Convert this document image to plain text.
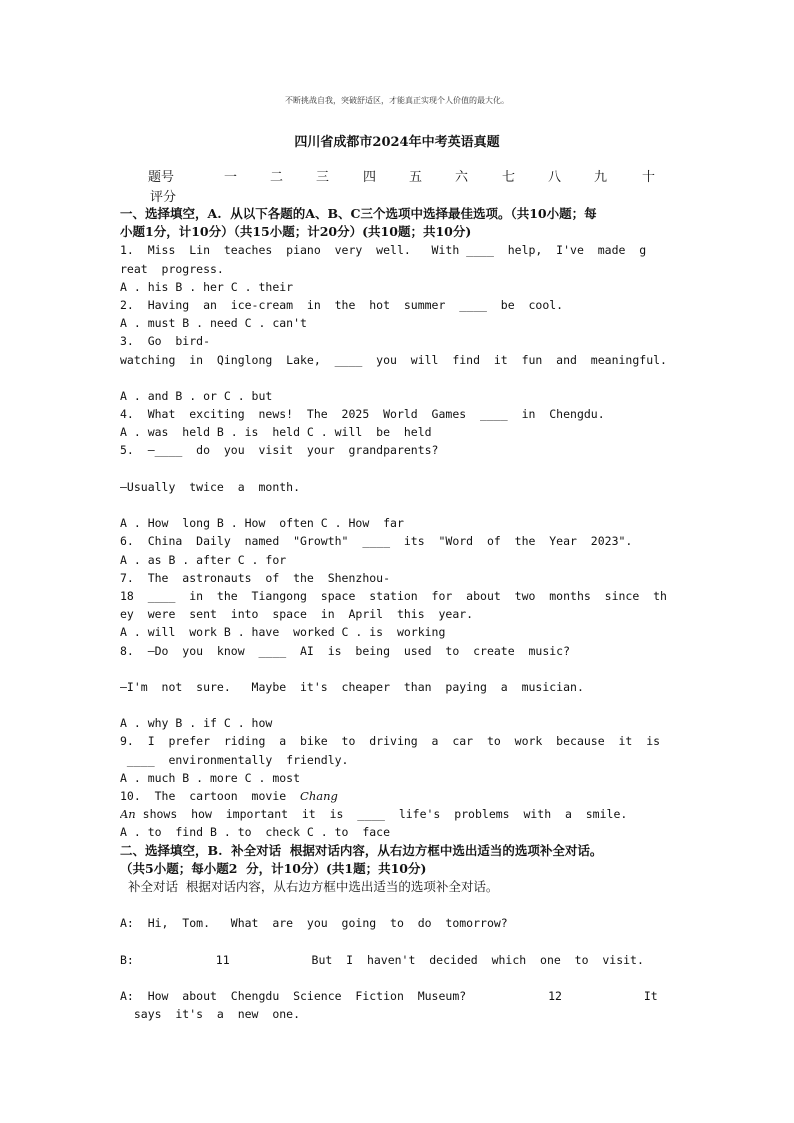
不断挑战自我，突破舒适区，才能真正实现个人价值的最大化。
四川省成都市2024年中考英语真题
题号	一	二	三	四	五	六	七	八	九	十
评分
一、选择填空，A.  从以下各题的A、B、C三个选项中选择最佳选项。（共10小题；每
小题1分，计10分）（共15小题；计20分）(共10题；共10分)
1.  Miss  Lin  teaches  piano  very  well.   With ____  help,  I've  made  g
reat  progress.
A . his B . her C . their
2.  Having  an  ice-cream  in  the  hot  summer  ____  be  cool.
A . must B . need C . can't
3.  Go  bird-
watching  in  Qinglong  Lake,  ____  you  will  find  it  fun  and  meaningful.
A . and B . or C . but
4.  What  exciting  news!  The  2025  World  Games  ____  in  Chengdu.
A . was  held B . is  held C . will  be  held
5.  —____  do  you  visit  your  grandparents?
—Usually  twice  a  month.
A . How  long B . How  often C . How  far
6.  China  Daily  named  "Growth"  ____  its  "Word  of  the  Year  2023".
A . as B . after C . for
7.  The  astronauts  of  the  Shenzhou-
18  ____  in  the  Tiangong  space  station  for  about  two  months  since  th
ey  were  sent  into  space  in  April  this  year.
A . will  work B . have  worked C . is  working
8.  —Do  you  know  ____  AI  is  being  used  to  create  music?
—I'm  not  sure.   Maybe  it's  cheaper  than  paying  a  musician.
A . why B . if C . how
9.  I  prefer  riding  a  bike  to  driving  a  car  to  work  because  it  is
____  environmentally  friendly.
A . much B . more C . most
10.  The  cartoon  movie  Chang
An shows  how  important  it  is  ____  life's  problems  with  a  smile.
A . to  find B . to  check C . to  face
二、选择填空，B.  补全对话  根据对话内容，从右边方框中选出适当的选项补全对话。
（共5小题；每小题2  分，计10分）(共1题；共10分)
补全对话  根据对话内容，从右边方框中选出适当的选项补全对话。
A:  Hi,  Tom.   What  are  you  going  to  do  tomorrow?
B:	11	But  I  haven't  decided  which  one  to  visit.
A:  How  about  Chengdu  Science  Fiction  Museum?	12	It
says  it's  a  new  one.
